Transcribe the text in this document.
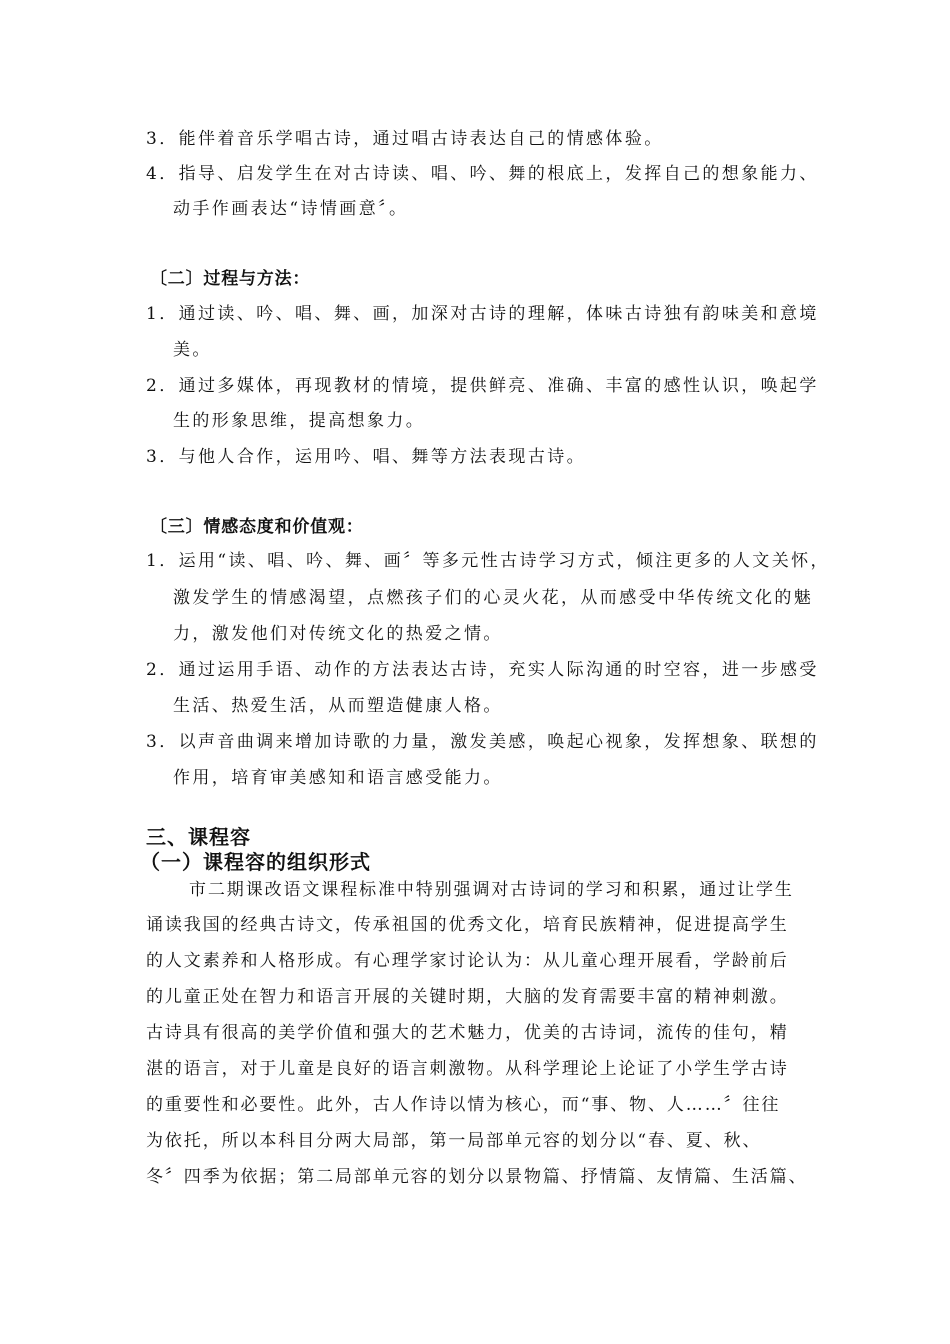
3．能伴着音乐学唱古诗，通过唱古诗表达自己的情感体验。
4．指导、启发学生在对古诗读、唱、吟、舞的根底上，发挥自己的想象能力、
动手作画表达“诗情画意〞。
〔二〕过程与方法：
1．通过读、吟、唱、舞、画，加深对古诗的理解，体味古诗独有韵味美和意境
美。
2．通过多媒体，再现教材的情境，提供鲜亮、准确、丰富的感性认识，唤起学
生的形象思维，提高想象力。
3．与他人合作，运用吟、唱、舞等方法表现古诗。
〔三〕情感态度和价值观：
1．运用“读、唱、吟、舞、画〞等多元性古诗学习方式，倾注更多的人文关怀，
激发学生的情感渴望，点燃孩子们的心灵火花，从而感受中华传统文化的魅
力，激发他们对传统文化的热爱之情。
2．通过运用手语、动作的方法表达古诗，充实人际沟通的时空容，进一步感受
生活、热爱生活，从而塑造健康人格。
3．以声音曲调来增加诗歌的力量，激发美感，唤起心视象，发挥想象、联想的
作用，培育审美感知和语言感受能力。
三、课程容
（一）课程容的组织形式
市二期课改语文课程标准中特别强调对古诗词的学习和积累，通过让学生
诵读我国的经典古诗文，传承祖国的优秀文化，培育民族精神，促进提高学生
的人文素养和人格形成。有心理学家讨论认为：从儿童心理开展看，学龄前后
的儿童正处在智力和语言开展的关键时期，大脑的发育需要丰富的精神刺激。
古诗具有很高的美学价值和强大的艺术魅力，优美的古诗词，流传的佳句，精
湛的语言，对于儿童是良好的语言刺激物。从科学理论上论证了小学生学古诗
的重要性和必要性。此外，古人作诗以情为核心，而“事、物、人……〞往往
为依托，所以本科目分两大局部，第一局部单元容的划分以“春、夏、秋、
冬〞四季为依据；第二局部单元容的划分以景物篇、抒情篇、友情篇、生活篇、
